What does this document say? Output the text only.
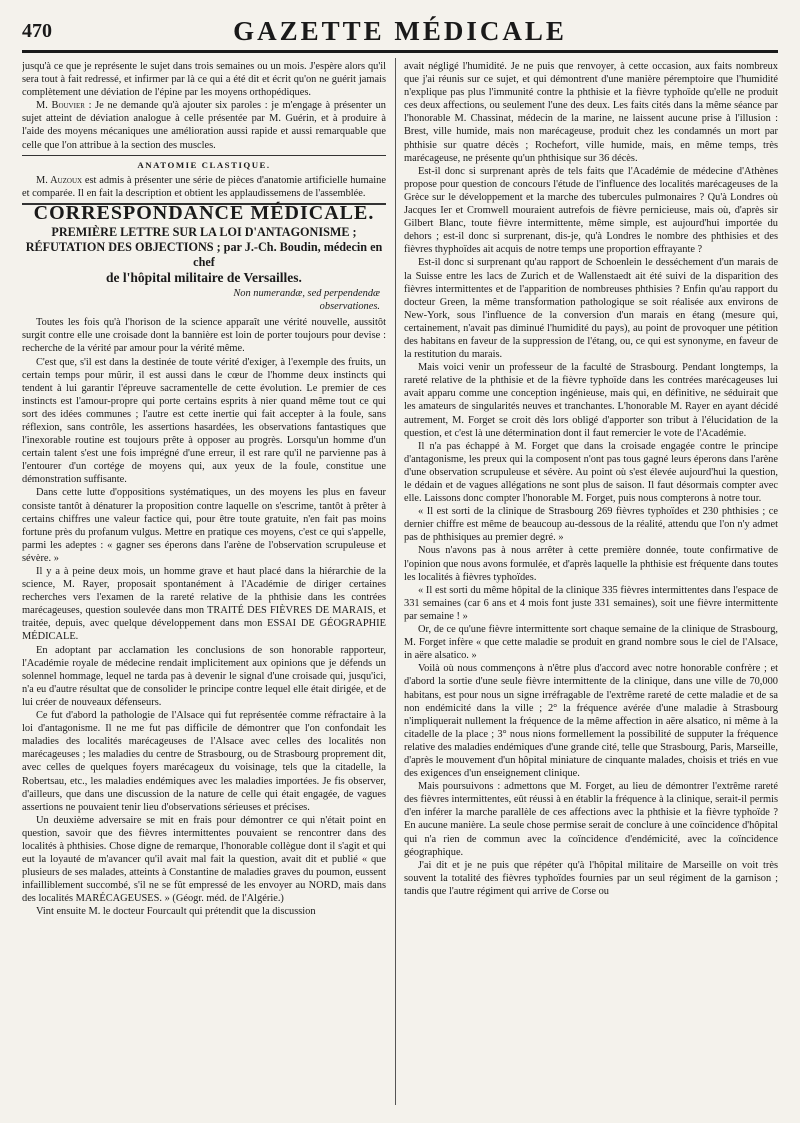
470	GAZETTE MÉDICALE

jusqu'à ce que je représente le sujet dans trois semaines ou un mois. J'espère alors qu'il sera tout à fait redressé, et infirmer par là ce qui a été dit et écrit qu'on ne guérit jamais complètement une déviation de l'épine par les moyens orthopédiques.

M. Bouvier : Je ne demande qu'à ajouter six paroles : je m'engage à présenter un sujet atteint de déviation analogue à celle présentée par M. Guérin, et à produire à l'aide des moyens mécaniques une amélioration aussi rapide et aussi remarquable que celle que l'on attribue à la section des muscles.

ANATOMIE CLASTIQUE.

M. Auzoux est admis à présenter une série de pièces d'anatomie artificielle humaine et comparée. Il en fait la description et obtient les applaudissemens de l'assemblée.

CORRESPONDANCE MÉDICALE.
PREMIÈRE LETTRE SUR LA LOI D'ANTAGONISME ; RÉFUTATION DES OBJECTIONS ; par J.-Ch. Boudin, médecin en chef
de l'hôpital militaire de Versailles.
Non numerandæ, sed perpendendæ
observationes.

Toutes les fois qu'à l'horison de la science apparaît une vérité nouvelle, aussitôt surgit contre elle une croisade dont la bannière est loin de porter toujours pour devise : recherche de la vérité par amour pour la vérité même.

C'est que, s'il est dans la destinée de toute vérité d'exiger, à l'exemple des fruits, un certain temps pour mûrir, il est aussi dans le cœur de l'homme deux instincts qui tendent à lui garantir l'épreuve sacramentelle de cette évolution. Le premier de ces instincts est l'amour-propre qui porte certains esprits à nier quand même tout ce qui sort des idées communes ; l'autre est cette inertie qui fait accepter à la foule, sans réflexion, sans contrôle, les assertions hasardées, les observations fantastiques que l'inexorable routine est toujours prête à opposer au progrès. Lorsqu'un homme d'un certain talent s'est une fois imprégné d'une erreur, il est rare qu'il ne parvienne pas à l'entourer d'un cortége de moyens qui, aux yeux de la foule, constitue une démonstration suffisante.

Dans cette lutte d'oppositions systématiques, un des moyens les plus en faveur consiste tantôt à dénaturer la proposition contre laquelle on s'escrime, tantôt à prêter à certains chiffres une valeur factice qui, pour être toute gratuite, n'en fait pas moins fortune près du profanum vulgus. Mettre en pratique ces moyens, c'est ce qui s'appelle, parmi les adeptes : « gagner ses éperons dans l'arène de l'observation scrupuleuse et sévère. »

Il y a à peine deux mois, un homme grave et haut placé dans la hiérarchie de la science, M. Rayer, proposait spontanément à l'Académie de diriger certaines recherches vers l'examen de la rareté relative de la phthisie dans les contrées marécageuses, question soulevée dans mon TRAITÉ DES FIÈVRES DE MARAIS, et traitée, depuis, avec quelque développement dans mon ESSAI DE GÉOGRAPHIE MÉDICALE.

En adoptant par acclamation les conclusions de son honorable rapporteur, l'Académie royale de médecine rendait implicitement aux opinions que je défends un solennel hommage, lequel ne tarda pas à devenir le signal d'une croisade qui, jusqu'ici, n'a eu d'autre résultat que de consolider le principe contre lequel elle était dirigée, et de lui créer de nouveaux défenseurs.

Ce fut d'abord la pathologie de l'Alsace qui fut représentée comme réfractaire à la loi d'antagonisme. Il ne me fut pas difficile de démontrer que l'on confondait les maladies des localités marécageuses de l'Alsace avec celles des localités non marécageuses ; les maladies du centre de Strasbourg, ou de Strasbourg proprement dit, avec celles de quelques foyers marécageux du voisinage, tels que la citadelle, la Robertsau, etc., les maladies endémiques avec les maladies importées. Je fis observer, d'ailleurs, que dans une discussion de la nature de celle qui était engagée, de vagues assertions ne pouvaient tenir lieu d'observations sérieuses et précises.

Un deuxième adversaire se mit en frais pour démontrer ce qui n'était point en question, savoir que des fièvres intermittentes pouvaient se rencontrer dans des localités à phthisies. Chose digne de remarque, l'honorable collègue dont il s'agit et qui eut la loyauté de m'avancer qu'il avait mal fait la question, avait dit et publié « que plusieurs de ses malades, atteints à Constantine de maladies graves du poumon, eussent infailliblement succombé, s'il ne se fût empressé de les envoyer au NORD, mais dans des localités MARÉCAGEUSES. » (Géogr. méd. de l'Algérie.)

Vint ensuite M. le docteur Fourcault qui prétendit que la discussion

avait négligé l'humidité. Je ne puis que renvoyer, à cette occasion, aux faits nombreux que j'ai réunis sur ce sujet, et qui démontrent d'une manière péremptoire que l'humidité n'explique pas plus l'immunité contre la phthisie et la fièvre typhoïde qu'elle ne produit ces deux affections, ou seulement l'une des deux. Les faits cités dans la même séance par l'honorable M. Chassinat, médecin de la marine, ne laissent aucune prise à l'illusion : Brest, ville humide, mais non marécageuse, produit chez les condamnés un mort par phthisie sur quatre décès ; Rochefort, ville humide, mais, en même temps, très marécageuse, ne présente qu'un phthisique sur 36 décès.

Est-il donc si surprenant après de tels faits que l'Académie de médecine d'Athènes propose pour question de concours l'étude de l'influence des localités marécageuses de la Grèce sur le développement et la marche des tubercules pulmonaires ? Qu'à Londres où Jacques Ier et Cromwell mouraient autrefois de fièvre pernicieuse, mais où, d'après sir Gilbert Blanc, toute fièvre intermittente, même simple, est aujourd'hui importée du dehors ; est-il donc si surprenant, dis-je, qu'à Londres le nombre des phthisies et des fièvres thyphoïdes ait acquis de notre temps une proportion effrayante ?

Est-il donc si surprenant qu'au rapport de Schoenlein le desséchement d'un marais de la Suisse entre les lacs de Zurich et de Wallenstaedt ait été suivi de la disparition des fièvres intermittentes et de l'apparition de nombreuses phthisies ? Enfin qu'au rapport du docteur Green, la même transformation pathologique se soit réalisée aux environs de New-York, sous l'influence de la conversion d'un marais en étang (mesure qui, certainement, n'avait pas diminué l'humidité du pays), au point de provoquer une pétition des habitans en faveur de la suppression de l'étang, ou, ce qui est synonyme, en faveur de la restitution du marais.

Mais voici venir un professeur de la faculté de Strasbourg. Pendant longtemps, la rareté relative de la phthisie et de la fièvre typhoïde dans les contrées marécageuses lui avait apparu comme une conception ingénieuse, mais qui, en définitive, ne séduirait que les amateurs de singularités neuves et tranchantes. L'honorable M. Rayer en ayant décidé autrement, M. Forget se croit dès lors obligé d'apporter son tribut à l'élucidation de la question, et c'est là une détermination dont il faut remercier le vote de l'Académie.

Il n'a pas échappé à M. Forget que dans la croisade engagée contre le principe d'antagonisme, les preux qui la composent n'ont pas tous gagné leurs éperons dans l'arène d'une observation scrupuleuse et sévère. Au point où s'est élevée aujourd'hui la question, le dédain et de vagues allégations ne sont plus de saison. Il faut désormais compter avec elle. Laissons donc compter l'honorable M. Forget, puis nous compterons à notre tour.

« Il est sorti de la clinique de Strasbourg 269 fièvres typhoïdes et 230 phthisies ; ce dernier chiffre est même de beaucoup au-dessous de la réalité, attendu que l'on n'y admet pas de phthisiques au premier degré. »

Nous n'avons pas à nous arrêter à cette première donnée, toute confirmative de l'opinion que nous avons formulée, et d'après laquelle la phthisie est fréquente dans toutes les localités à fièvres typhoïdes.

« Il est sorti du même hôpital de la clinique 335 fièvres intermittentes dans l'espace de 331 semaines (car 6 ans et 4 mois font juste 331 semaines), soit une fièvre intermittente par semaine ! »

Or, de ce qu'une fièvre intermittente sort chaque semaine de la clinique de Strasbourg, M. Forget infère « que cette maladie se produit en grand nombre sous le ciel de l'Alsace, in aëre alsatico. »

Voilà où nous commençons à n'être plus d'accord avec notre honorable confrère ; et d'abord la sortie d'une seule fièvre intermittente de la clinique, dans une ville de 70,000 habitans, est pour nous un signe irréfragable de l'extrême rareté de cette maladie et de sa non endémicité dans la ville ; 2° la fréquence avérée d'une maladie à Strasbourg n'impliquerait nullement la fréquence de la même affection in aëre alsatico, ni même à la citadelle de la place ; 3° nous nions formellement la possibilité de supputer la fréquence relative des maladies endémiques d'une grande cité, telle que Strasbourg, Paris, Marseille, d'après le mouvement d'un hôpital miniature de cinquante malades, choisis et triés en vue des exigences d'un enseignement clinique.

Mais poursuivons : admettons que M. Forget, au lieu de démontrer l'extrême rareté des fièvres intermittentes, eût réussi à en établir la fréquence à la clinique, serait-il permis d'en inférer la marche parallèle de ces affections avec la phthisie et la fièvre typhoïde ? En aucune manière. La seule chose permise serait de conclure à une coïncidence d'hôpital qui n'a rien de commun avec la coïncidence d'endémicité, avec la coïncidence géographique.

J'ai dit et je ne puis que répéter qu'à l'hôpital militaire de Marseille on voit très souvent la totalité des fièvres typhoïdes fournies par un seul régiment de la garnison ; tandis que l'autre régiment qui arrive de Corse ou
